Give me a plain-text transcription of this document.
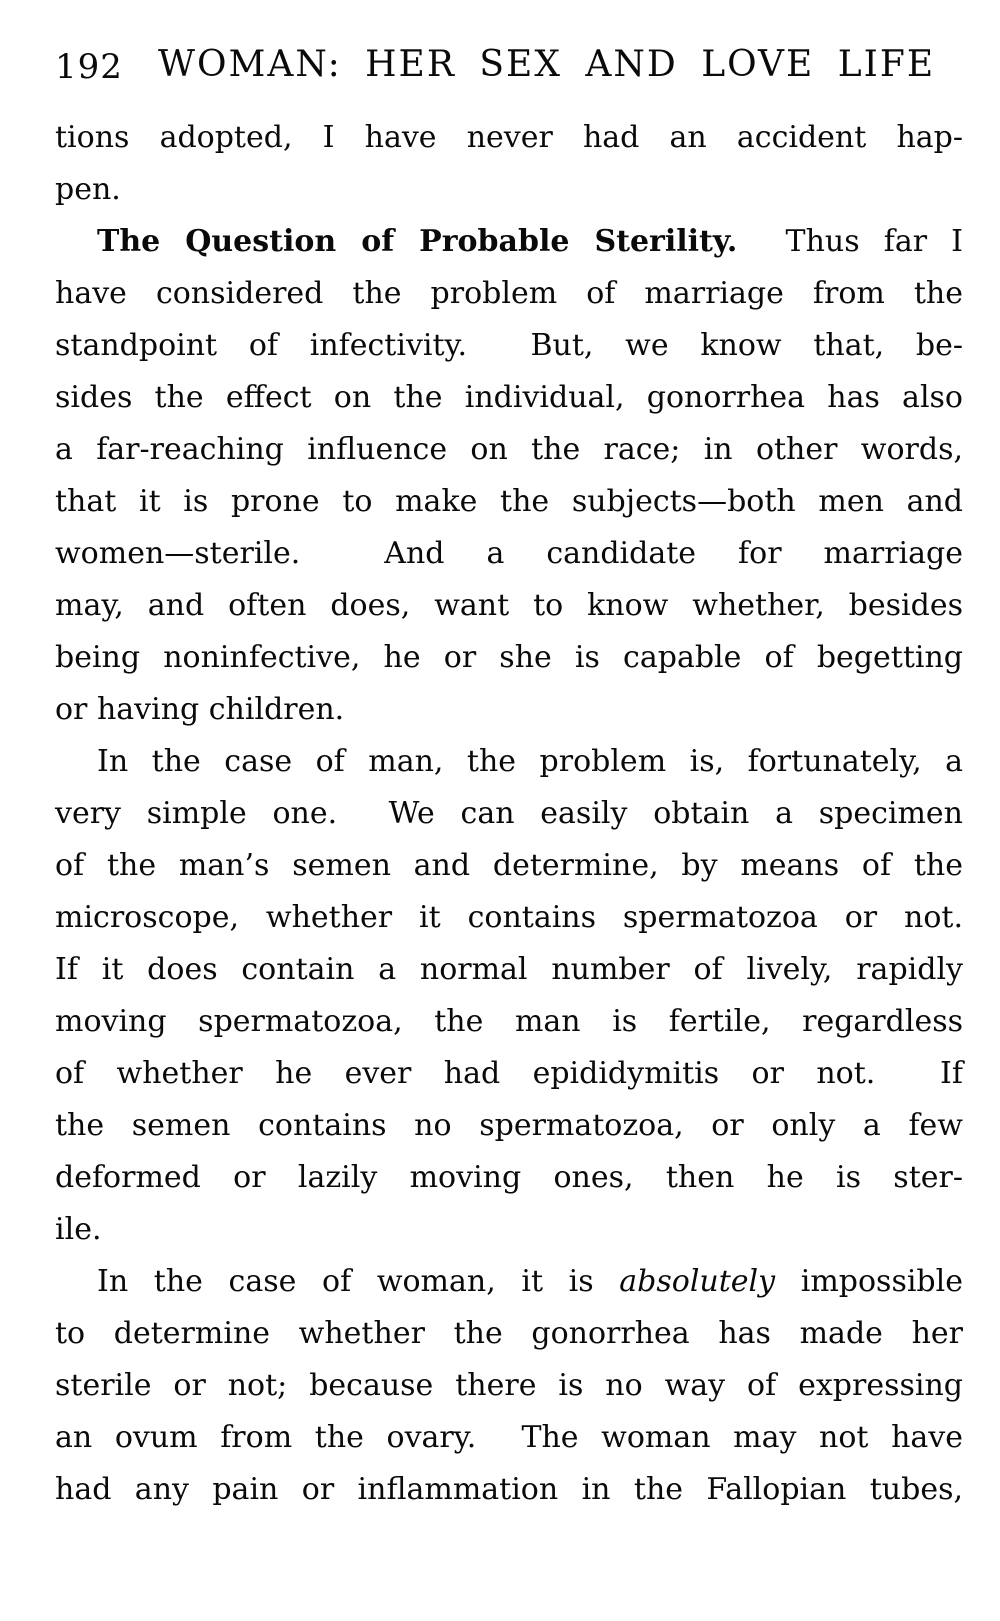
192 WOMAN: HER SEX AND LOVE LIFE
tions adopted, I have never had an accident hap-
pen.
The Question of Probable Sterility.  Thus far I
have considered the problem of marriage from the
standpoint of infectivity.  But, we know that, be-
sides the effect on the individual, gonorrhea has also
a far-reaching influence on the race; in other words,
that it is prone to make the subjects—both men and
women—sterile.  And a candidate for marriage
may, and often does, want to know whether, besides
being noninfective, he or she is capable of begetting
or having children.
In the case of man, the problem is, fortunately, a
very simple one.  We can easily obtain a specimen
of the man’s semen and determine, by means of the
microscope, whether it contains spermatozoa or not.
If it does contain a normal number of lively, rapidly
moving spermatozoa, the man is fertile, regardless
of whether he ever had epididymitis or not.  If
the semen contains no spermatozoa, or only a few
deformed or lazily moving ones, then he is ster-
ile.
In the case of woman, it is absolutely impossible
to determine whether the gonorrhea has made her
sterile or not; because there is no way of expressing
an ovum from the ovary.  The woman may not have
had any pain or inflammation in the Fallopian tubes,
